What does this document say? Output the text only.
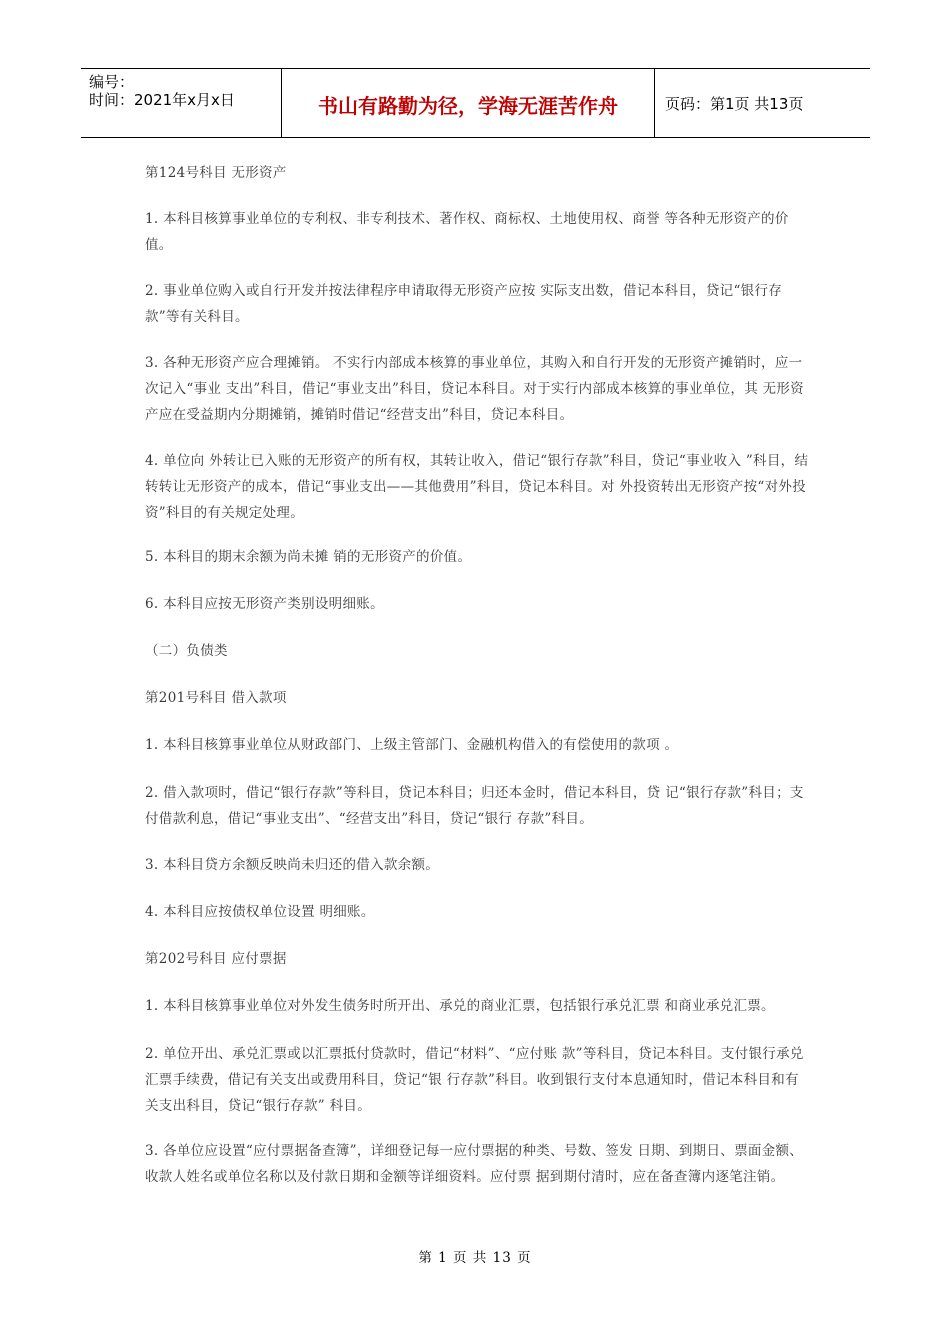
编号：
时间：2021年x月x日	书山有路勤为径，学海无涯苦作舟	页码：第1页 共13页
第124号科目 无形资产
1. 本科目核算事业单位的专利权、非专利技术、著作权、商标权、土地使用权、商誉 等各种无形资产的价值。
2. 事业单位购入或自行开发并按法律程序申请取得无形资产应按 实际支出数，借记本科目，贷记“银行存款”等有关科目。
3. 各种无形资产应合理摊销。 不实行内部成本核算的事业单位，其购入和自行开发的无形资产摊销时，应一次记入“事业 支出”科目，借记“事业支出”科目，贷记本科目。对于实行内部成本核算的事业单位，其 无形资产应在受益期内分期摊销，摊销时借记“经营支出”科目，贷记本科目。
4. 单位向 外转让已入账的无形资产的所有权，其转让收入，借记“银行存款”科目，贷记“事业收入 ”科目，结转转让无形资产的成本，借记“事业支出——其他费用”科目，贷记本科目。对 外投资转出无形资产按“对外投资”科目的有关规定处理。
5. 本科目的期末余额为尚未摊 销的无形资产的价值。
6. 本科目应按无形资产类别设明细账。
（二）负债类
第201号科目 借入款项
1. 本科目核算事业单位从财政部门、上级主管部门、金融机构借入的有偿使用的款项 。
2. 借入款项时，借记“银行存款”等科目，贷记本科目；归还本金时，借记本科目，贷 记“银行存款”科目；支付借款利息，借记“事业支出”、“经营支出”科目，贷记“银行 存款”科目。
3. 本科目贷方余额反映尚未归还的借入款余额。
4. 本科目应按债权单位设置 明细账。
第202号科目 应付票据
1. 本科目核算事业单位对外发生债务时所开出、承兑的商业汇票，包括银行承兑汇票 和商业承兑汇票。
2. 单位开出、承兑汇票或以汇票抵付贷款时，借记“材料”、“应付账 款”等科目，贷记本科目。支付银行承兑汇票手续费，借记有关支出或费用科目，贷记“银 行存款”科目。收到银行支付本息通知时，借记本科目和有关支出科目，贷记“银行存款” 科目。
3. 各单位应设置“应付票据备查簿”，详细登记每一应付票据的种类、号数、签发 日期、到期日、票面金额、收款人姓名或单位名称以及付款日期和金额等详细资料。应付票 据到期付清时，应在备查簿内逐笔注销。
第 1 页 共 13 页
